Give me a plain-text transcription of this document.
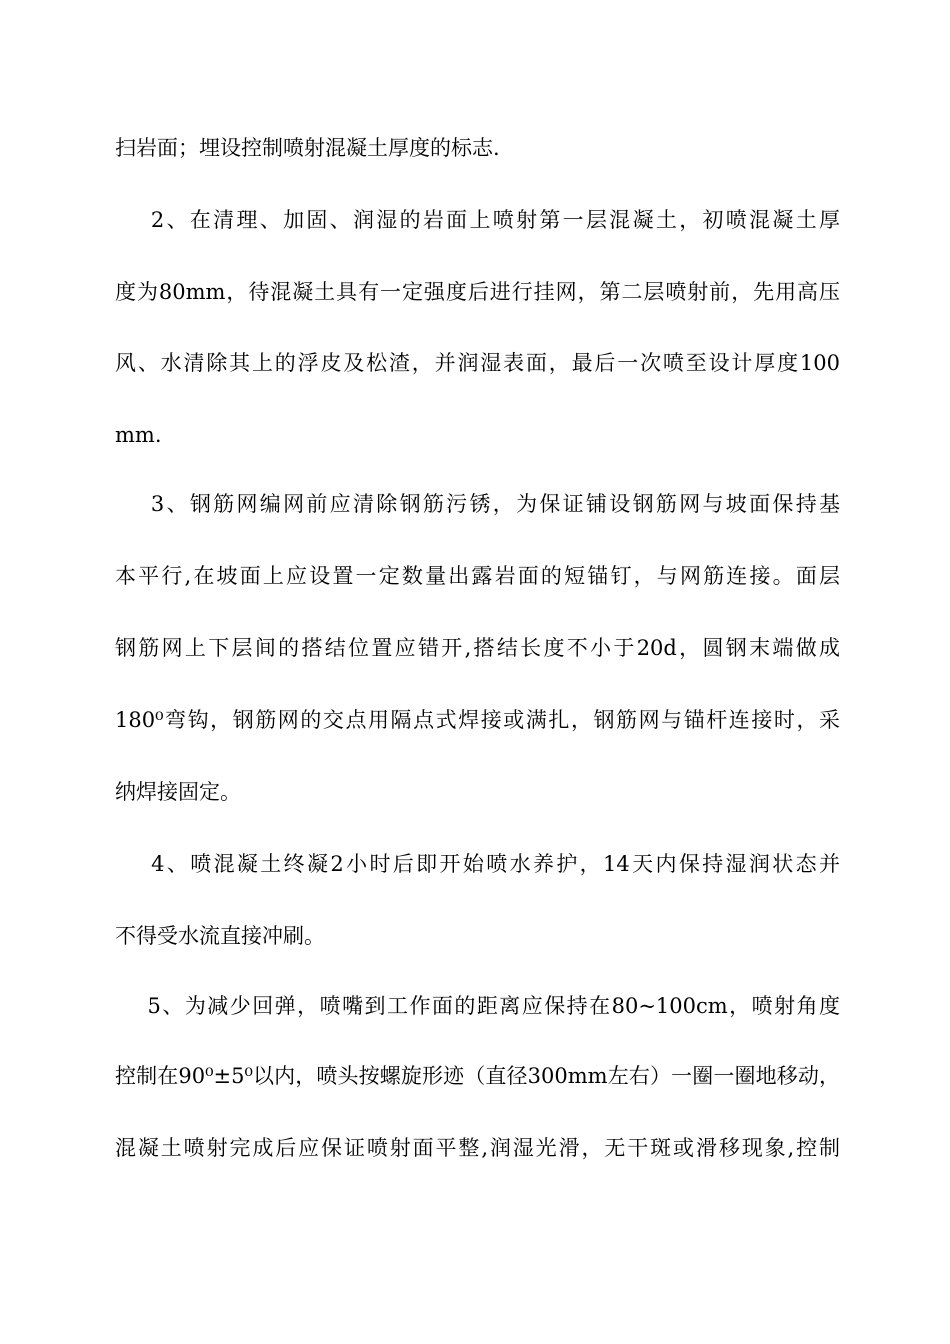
扫岩面；埋设控制喷射混凝土厚度的标志.
2、在清理、加固、润湿的岩面上喷射第一层混凝土，初喷混凝土厚
度为80mm，待混凝土具有一定强度后进行挂网，第二层喷射前，先用高压
风、水清除其上的浮皮及松渣，并润湿表面，最后一次喷至设计厚度100
mm.
3、钢筋网编网前应清除钢筋污锈，为保证铺设钢筋网与坡面保持基
本平行,在坡面上应设置一定数量出露岩面的短锚钉，与网筋连接。面层
钢筋网上下层间的搭结位置应错开,搭结长度不小于20d，圆钢末端做成
180⁰弯钩，钢筋网的交点用隔点式焊接或满扎，钢筋网与锚杆连接时，采
纳焊接固定。
4、喷混凝土终凝2小时后即开始喷水养护，14天内保持湿润状态并
不得受水流直接冲刷。
5、为减少回弹，喷嘴到工作面的距离应保持在80~100cm，喷射角度
控制在90⁰±5⁰以内，喷头按螺旋形迹（直径300mm左右）一圈一圈地移动，
混凝土喷射完成后应保证喷射面平整,润湿光滑，无干斑或滑移现象,控制
